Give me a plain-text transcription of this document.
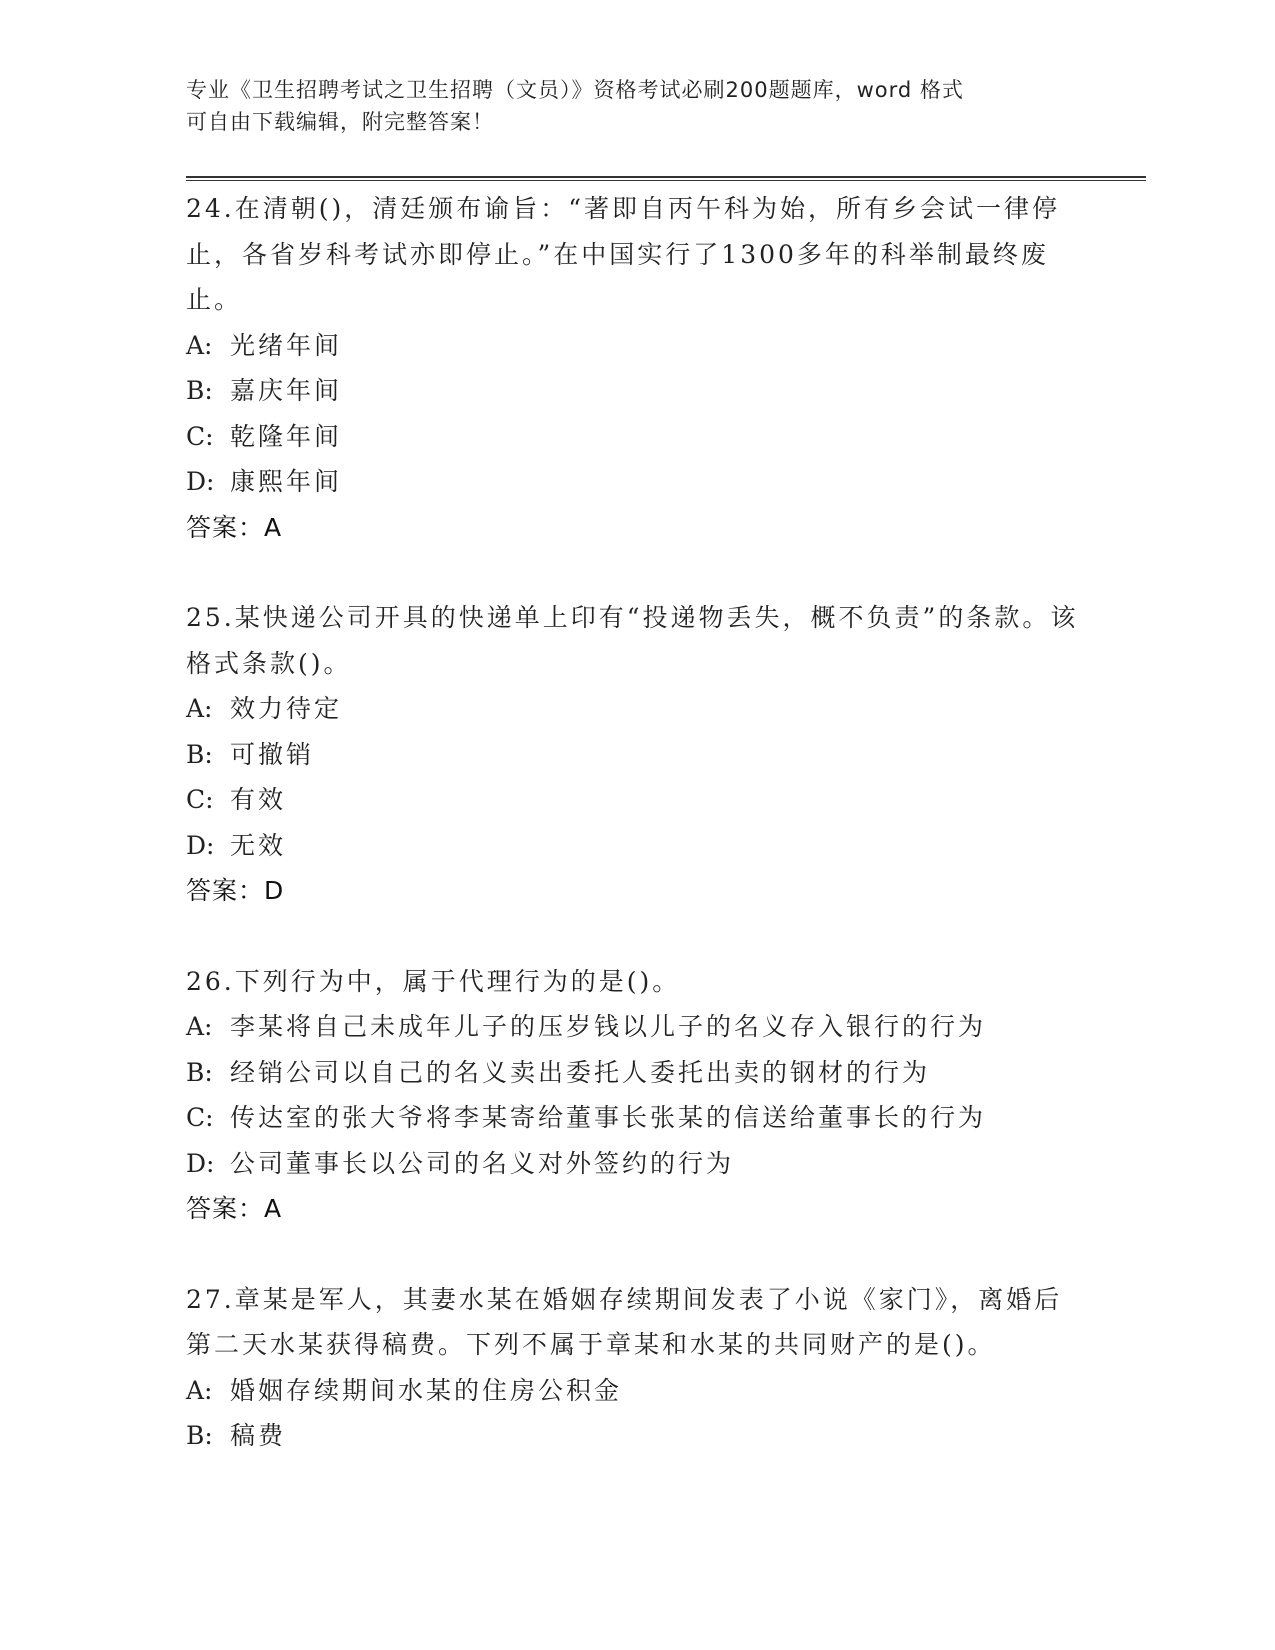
专业《卫生招聘考试之卫生招聘（文员）》资格考试必刷200题题库，word 格式
可自由下载编辑，附完整答案！
24.在清朝()，清廷颁布谕旨：“著即自丙午科为始，所有乡会试一律停止，各省岁科考试亦即停止。”在中国实行了1300多年的科举制最终废止。
A: 光绪年间
B: 嘉庆年间
C: 乾隆年间
D: 康熙年间
答案：A
25.某快递公司开具的快递单上印有“投递物丢失，概不负责”的条款。该格式条款()。
A: 效力待定
B: 可撤销
C: 有效
D: 无效
答案：D
26.下列行为中，属于代理行为的是()。
A: 李某将自己未成年儿子的压岁钱以儿子的名义存入银行的行为
B: 经销公司以自己的名义卖出委托人委托出卖的钢材的行为
C: 传达室的张大爷将李某寄给董事长张某的信送给董事长的行为
D: 公司董事长以公司的名义对外签约的行为
答案：A
27.章某是军人，其妻水某在婚姻存续期间发表了小说《家门》，离婚后第二天水某获得稿费。下列不属于章某和水某的共同财产的是()。
A: 婚姻存续期间水某的住房公积金
B: 稿费
